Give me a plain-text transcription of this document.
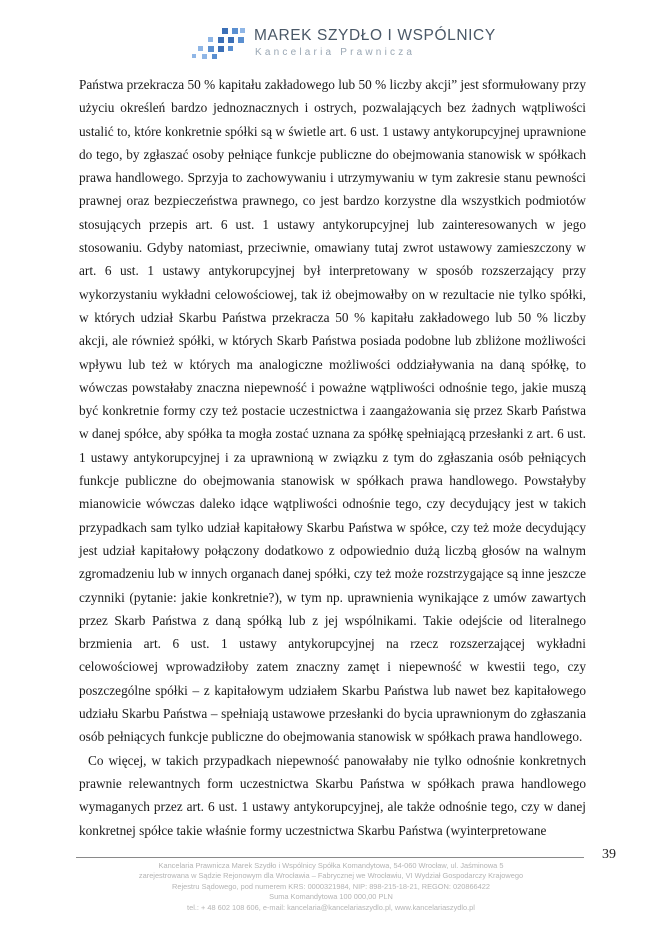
MAREK SZYDŁO I WSPÓLNICY
Kancelaria Prawnicza

Państwa przekracza 50 % kapitału zakładowego lub 50 % liczby akcji” jest sformułowany przy użyciu określeń bardzo jednoznacznych i ostrych, pozwalających bez żadnych wątpliwości ustalić to, które konkretnie spółki są w świetle art. 6 ust. 1 ustawy antykorupcyjnej uprawnione do tego, by zgłaszać osoby pełniące funkcje publiczne do obejmowania stanowisk w spółkach prawa handlowego. Sprzyja to zachowywaniu i utrzymywaniu w tym zakresie stanu pewności prawnej oraz bezpieczeństwa prawnego, co jest bardzo korzystne dla wszystkich podmiotów stosujących przepis art. 6 ust. 1 ustawy antykorupcyjnej lub zainteresowanych w jego stosowaniu. Gdyby natomiast, przeciwnie, omawiany tutaj zwrot ustawowy zamieszczony w art. 6 ust. 1 ustawy antykorupcyjnej był interpretowany w sposób rozszerzający przy wykorzystaniu wykładni celowościowej, tak iż obejmowałby on w rezultacie nie tylko spółki, w których udział Skarbu Państwa przekracza 50 % kapitału zakładowego lub 50 % liczby akcji, ale również spółki, w których Skarb Państwa posiada podobne lub zbliżone możliwości wpływu lub też w których ma analogiczne możliwości oddziaływania na daną spółkę, to wówczas powstałaby znaczna niepewność i poważne wątpliwości odnośnie tego, jakie muszą być konkretnie formy czy też postacie uczestnictwa i zaangażowania się przez Skarb Państwa w danej spółce, aby spółka ta mogła zostać uznana za spółkę spełniającą przesłanki z art. 6 ust. 1 ustawy antykorupcyjnej i za uprawnioną w związku z tym do zgłaszania osób pełniących funkcje publiczne do obejmowania stanowisk w spółkach prawa handlowego. Powstałyby mianowicie wówczas daleko idące wątpliwości odnośnie tego, czy decydujący jest w takich przypadkach sam tylko udział kapitałowy Skarbu Państwa w spółce, czy też może decydujący jest udział kapitałowy połączony dodatkowo z odpowiednio dużą liczbą głosów na walnym zgromadzeniu lub w innych organach danej spółki, czy też może rozstrzygające są inne jeszcze czynniki (pytanie: jakie konkretnie?), w tym np. uprawnienia wynikające z umów zawartych przez Skarb Państwa z daną spółką lub z jej wspólnikami. Takie odejście od literalnego brzmienia art. 6 ust. 1 ustawy antykorupcyjnej na rzecz rozszerzającej wykładni celowościowej wprowadziłoby zatem znaczny zamęt i niepewność w kwestii tego, czy poszczególne spółki – z kapitałowym udziałem Skarbu Państwa lub nawet bez kapitałowego udziału Skarbu Państwa – spełniają ustawowe przesłanki do bycia uprawnionym do zgłaszania osób pełniących funkcje publiczne do obejmowania stanowisk w spółkach prawa handlowego.

Co więcej, w takich przypadkach niepewność panowałaby nie tylko odnośnie konkretnych prawnie relewantnych form uczestnictwa Skarbu Państwa w spółkach prawa handlowego wymaganych przez art. 6 ust. 1 ustawy antykorupcyjnej, ale także odnośnie tego, czy w danej konkretnej spółce takie właśnie formy uczestnictwa Skarbu Państwa (wyinterpretowane

39
Kancelaria Prawnicza Marek Szydło i Wspólnicy Spółka Komandytowa, 54-060 Wrocław, ul. Jaśminowa 5
zarejestrowana w Sądzie Rejonowym dla Wrocławia – Fabrycznej we Wrocławiu, VI Wydział Gospodarczy Krajowego
Rejestru Sądowego, pod numerem KRS: 0000321984, NIP: 898-215-18-21, REGON: 020866422
Suma Komandytowa 100 000,00 PLN
tel.: + 48 602 108 606, e-mail: kancelaria@kancelariaszydlo.pl, www.kancelariaszydlo.pl
